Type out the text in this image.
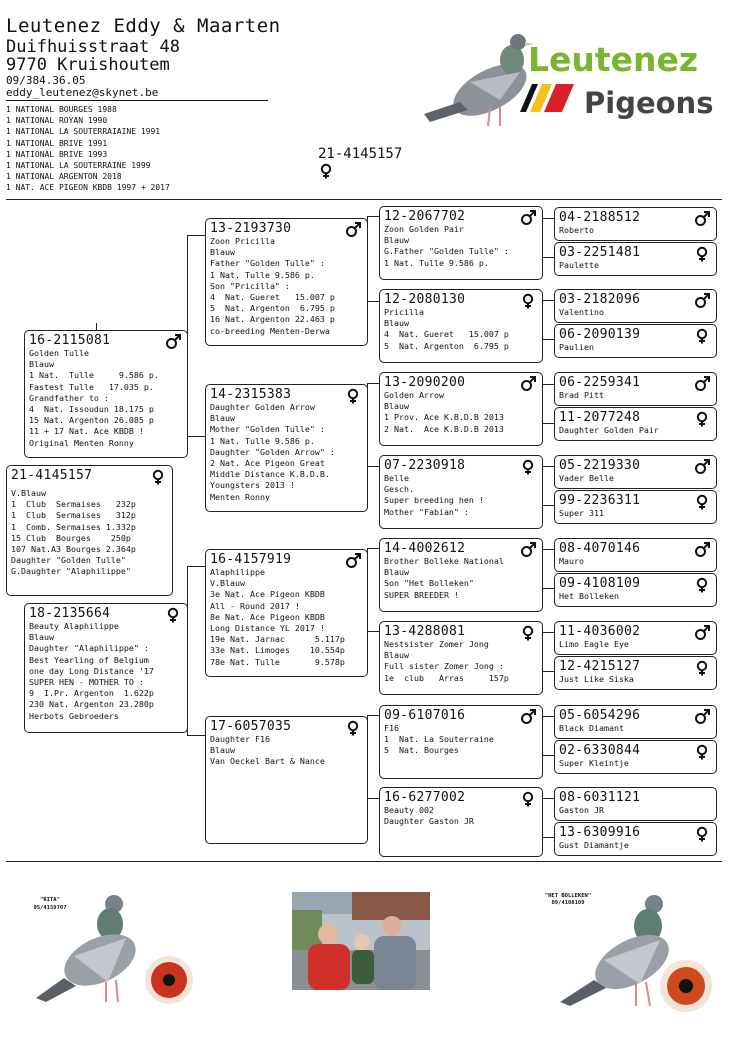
Leutenez Eddy & Maarten
Duifhuisstraat 48
9770 Kruishoutem
09/384.36.05
eddy_leutenez@skynet.be
1 NATIONAL BOURGES 1988
1 NATIONAL ROYAN 1990
1 NATIONAL LA SOUTERRAIAINE 1991
1 NATIONAL BRIVE 1991
1 NATIONAL BRIVE 1993
1 NATIONAL LA SOUTERRAINE 1999
1 NATIONAL ARGENTON 2018
1 NAT. ACE PIGEON KBDB 1997 + 2017
21-4145157
Leutenez
Pigeons
21-4145157
V.Blauw
1  Club  Sermaises   232p
1  Club  Sermaises   312p
1  Comb. Sermaises 1.332p
15 Club  Bourges    250p
107 Nat.A3 Bourges 2.364p
Daughter "Golden Tulle"
G.Daughter "Alaphilippe"
16-2115081
Golden Tulle
Blauw
1 Nat.  Tulle     9.586 p.
Fastest Tulle   17.035 p.
Grandfather to :
4  Nat. Issoudun 18.175 p
15 Nat. Argenton 26.085 p
11 + 17 Nat. Ace KBDB !
Original Menten Ronny
18-2135664
Beauty Alaphilippe
Blauw
Daughter "Alaphilippe" :
Best Yearling of Belgium
one day Long Distance '17
SUPER HEN - MOTHER TO :
9  I.Pr. Argenton  1.622p
230 Nat. Argenton 23.280p
Herbots Gebroeders
13-2193730
Zoon Pricilla
Blauw
Father "Golden Tulle" :
1 Nat. Tulle 9.586 p.
Son "Pricilla" :
4  Nat. Gueret   15.007 p
5  Nat. Argenton  6.795 p
16 Nat. Argenton 22.463 p
co-breeding Menten-Derwa
14-2315383
Daughter Golden Arrow
Blauw
Mother "Golden Tulle" :
1 Nat. Tulle 9.586 p.
Daughter "Golden Arrow" :
2 Nat. Ace Pigeon Great
Middle Distance K.B.D.B.
Youngsters 2013 !
Menten Ronny
16-4157919
Alaphilippe
V.Blauw
3e Nat. Ace Pigeon KBDB
All - Round 2017 !
8e Nat. Ace Pigeon KBDB
Long Distance YL 2017 !
19e Nat. Jarnac      5.117p
33e Nat. Limoges    10.554p
78e Nat. Tulle       9.578p
17-6057035
Daughter F16
Blauw
Van Oeckel Bart & Nance
12-2067702
Zoon Golden Pair
Blauw
G.Father "Golden Tulle" :
1 Nat. Tulle 9.586 p.
12-2080130
Pricilla
Blauw
4  Nat. Gueret   15.007 p
5  Nat. Argenton  6.795 p
13-2090200
Golden Arrow
Blauw
1 Prov. Ace K.B.D.B 2013
2 Nat.  Ace K.B.D.B 2013
07-2230918
Belle
Gesch.
Super breeding hen !
Mother "Fabian" :
14-4002612
Brother Bolleke National
Blauw
Son "Het Bolleken"
SUPER BREEDER !
13-4288081
Nestsister Zomer Jong
Blauw
Full sister Zomer Jong :
1e  club   Arras     157p
09-6107016
F16
1  Nat. La Souterraine
5  Nat. Bourges
16-6277002
Beauty 002
Daughter Gaston JR
04-2188512
Roberto
03-2251481
Paulette
03-2182096
Valentino
06-2090139
Paulien
06-2259341
Brad Pitt
11-2077248
Daughter Golden Pair
05-2219330
Vader Belle
99-2236311
Super 311
08-4070146
Mauro
09-4108109
Het Bolleken
11-4036002
Limo Eagle Eye
12-4215127
Just Like Siska
05-6054296
Black Diamant
02-6330844
Super Kleintje
08-6031121
Gaston JR
13-6309916
Gust Diamantje
"RITA"
05/4159707
"HET BOLLEKEN"
09/4108109
